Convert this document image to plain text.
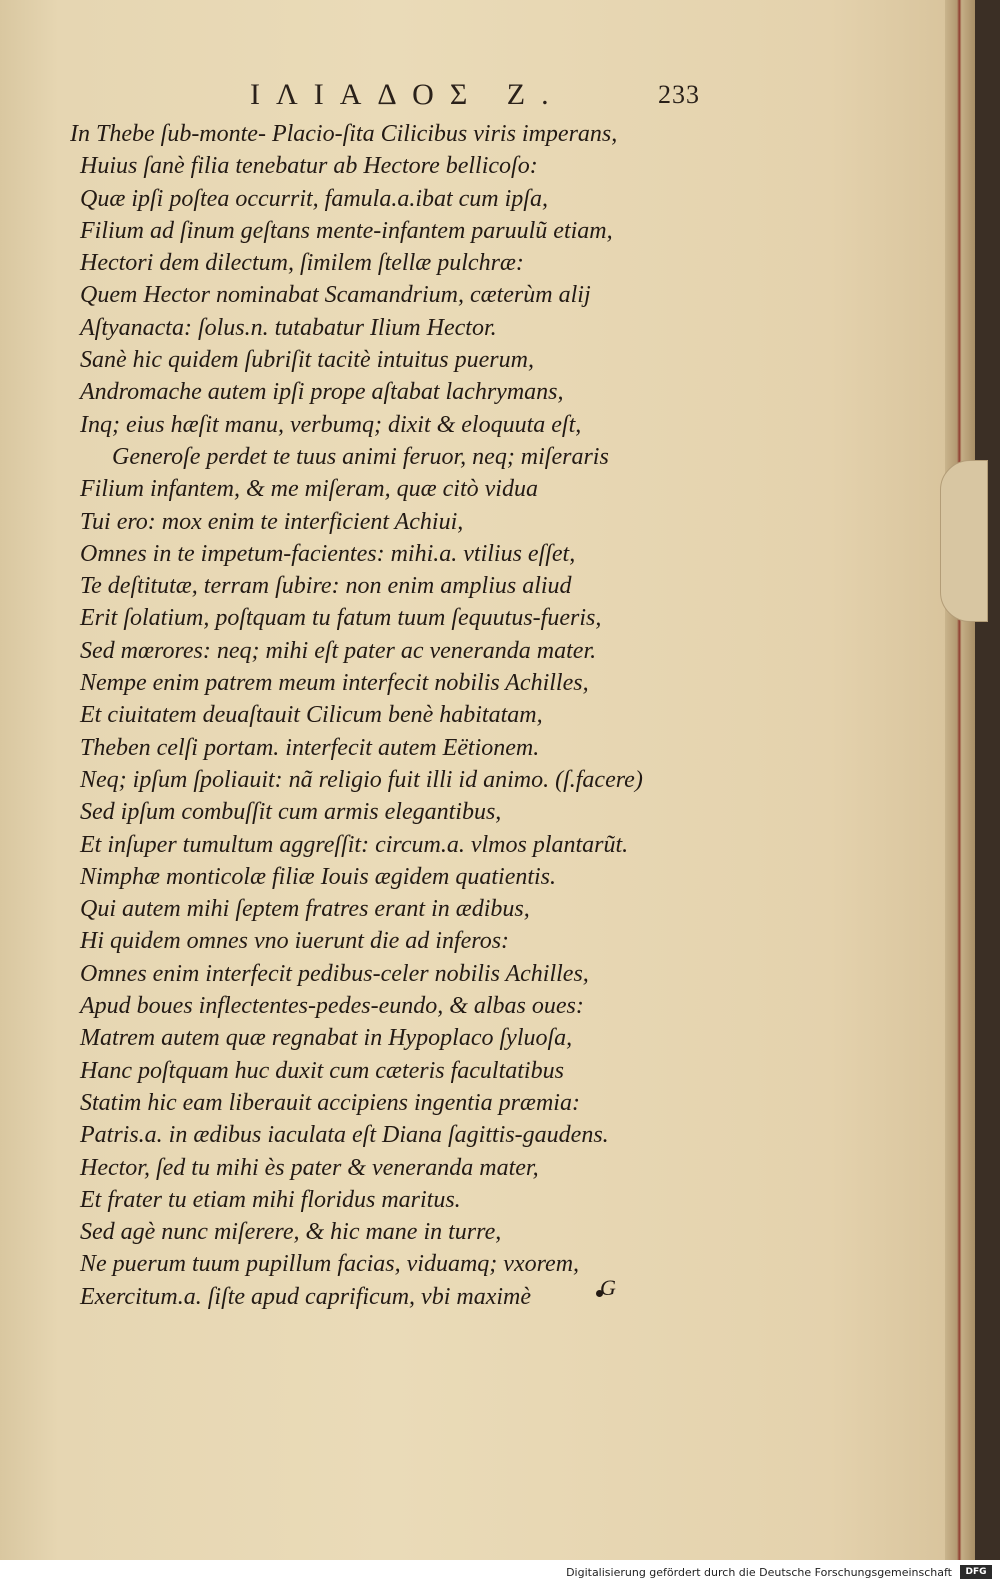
ΙΛΙΑΔΟΣ Ζ.	233
In Thebe ſub-monte- Placio-ſita Cilicibus viris imperans,
Huius ſanè filia tenebatur ab Hectore bellicoſo:
Quæ ipſi poſtea occurrit, famula.a.ibat cum ipſa,
Filium ad ſinum geſtans mente-infantem paruulũ etiam,
Hectori dem dilectum, ſimilem ſtellæ pulchræ:
Quem Hector nominabat Scamandrium, cæterùm alij
Aſtyanacta: ſolus.n. tutabatur Ilium Hector.
Sanè hic quidem ſubriſit tacitè intuitus puerum,
Andromache autem ipſi prope aſtabat lachrymans,
Inq; eius hæſit manu, verbumq; dixit & eloquuta eſt,
Generoſe perdet te tuus animi feruor, neq; miſeraris
Filium infantem, & me miſeram, quæ citò vidua
Tui ero: mox enim te interficient Achiui,
Omnes in te impetum-facientes: mihi.a. vtilius eſſet,
Te deſtitutæ, terram ſubire: non enim amplius aliud
Erit ſolatium, poſtquam tu fatum tuum ſequutus-fueris,
Sed mœrores: neq; mihi eſt pater ac veneranda mater.
Nempe enim patrem meum interfecit nobilis Achilles,
Et ciuitatem deuaſtauit Cilicum benè habitatam,
Theben celſi portam. interfecit autem Eëtionem.
Neq; ipſum ſpoliauit: nã religio fuit illi id animo. (ſ.facere)
Sed ipſum combuſſit cum armis elegantibus,
Et inſuper tumultum aggreſſit: circum.a. vlmos plantarũt.
Nimphæ monticolæ filiæ Iouis ægidem quatientis.
Qui autem mihi ſeptem fratres erant in ædibus,
Hi quidem omnes vno iuerunt die ad inferos:
Omnes enim interfecit pedibus-celer nobilis Achilles,
Apud boues inflectentes-pedes-eundo, & albas oues:
Matrem autem quæ regnabat in Hypoplaco ſyluoſa,
Hanc poſtquam huc duxit cum cæteris facultatibus
Statim hic eam liberauit accipiens ingentia præmia:
Patris.a. in ædibus iaculata eſt Diana ſagittis-gaudens.
Hector, ſed tu mihi ès pater & veneranda mater,
Et frater tu etiam mihi floridus maritus.
Sed agè nunc miſerere, & hic mane in turre,
Ne puerum tuum pupillum facias, viduamq; vxorem,
Exercitum.a. ſiſte apud caprificum, vbi maximè	G
Digitalisierung gefördert durch die Deutsche Forschungsgemeinschaft	DFG
